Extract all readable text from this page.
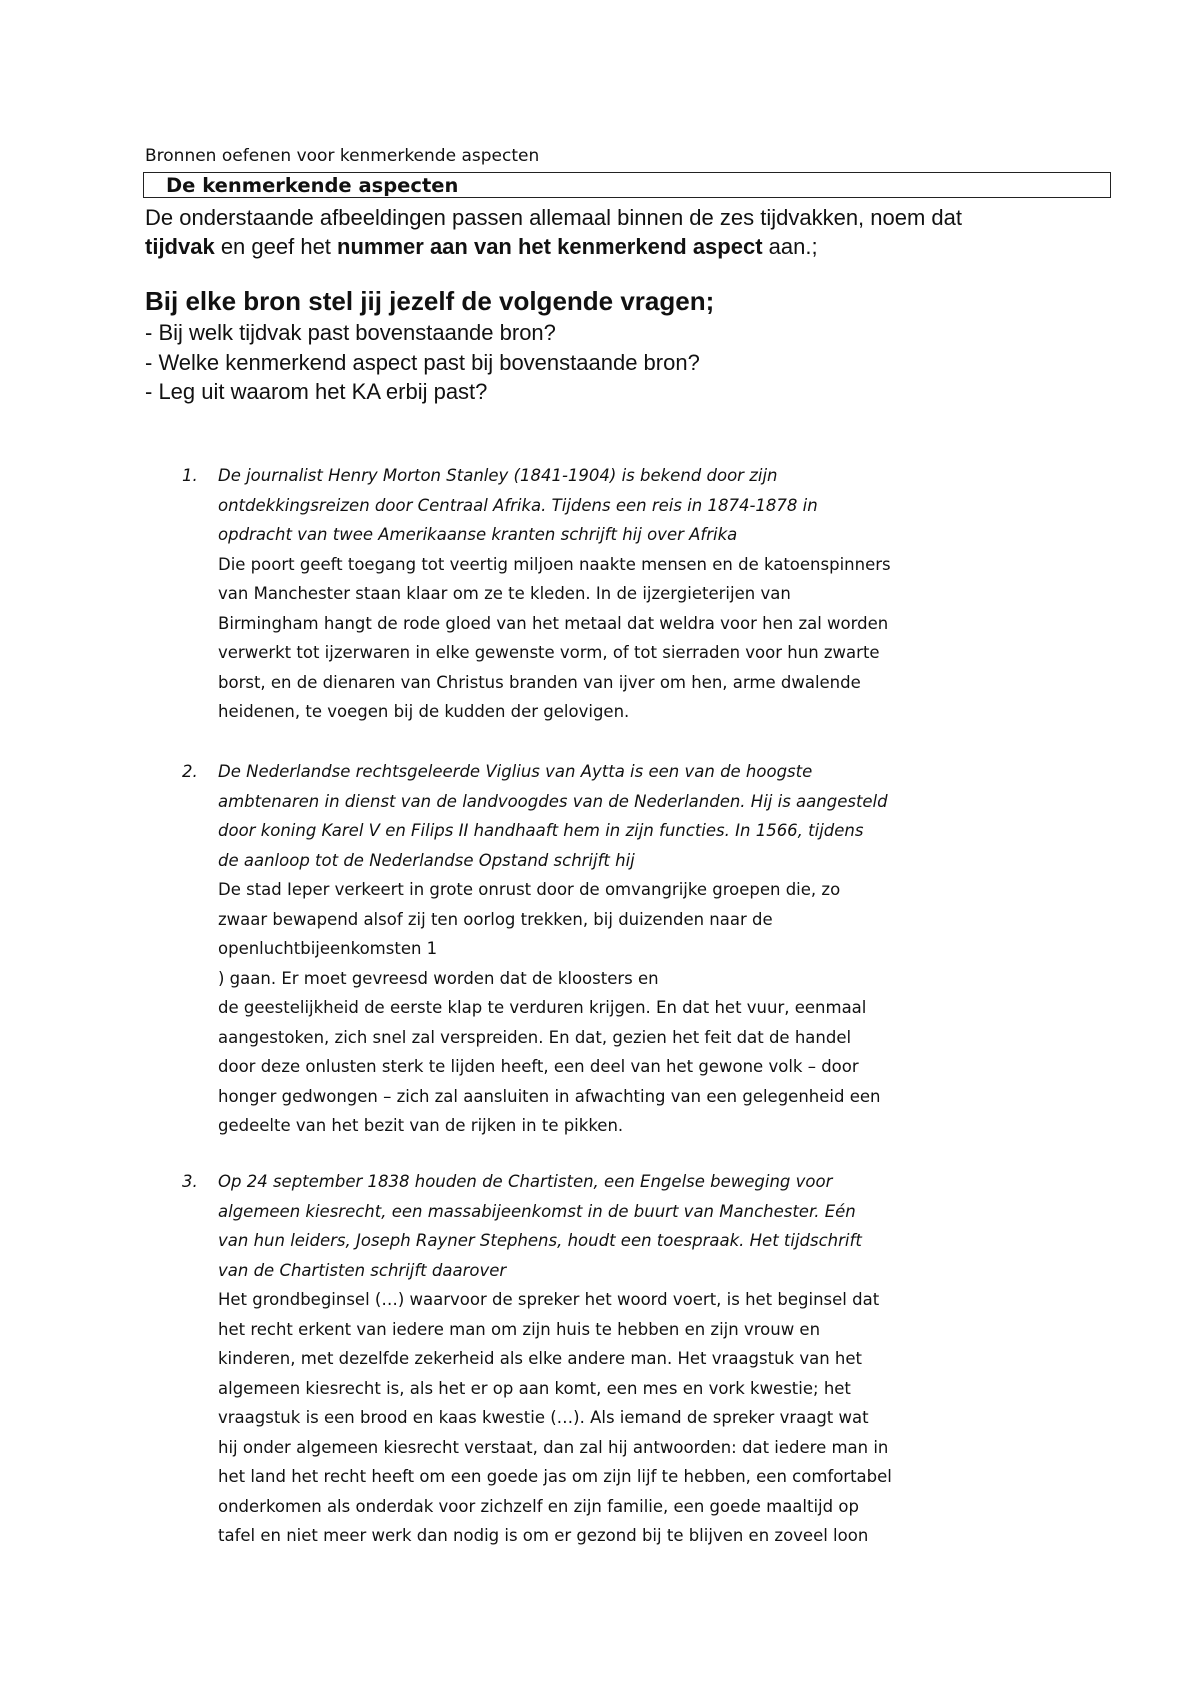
Bronnen oefenen voor kenmerkende aspecten
De kenmerkende aspecten
De onderstaande afbeeldingen passen allemaal binnen de zes tijdvakken, noem dat
tijdvak en geef het nummer aan van het kenmerkend aspect aan.;
Bij elke bron stel jij jezelf de volgende vragen;
- Bij welk tijdvak past bovenstaande bron?
- Welke kenmerkend aspect past bij bovenstaande bron?
- Leg uit waarom het KA erbij past?
1. De journalist Henry Morton Stanley (1841-1904) is bekend door zijn
ontdekkingsreizen door Centraal Afrika. Tijdens een reis in 1874-1878 in
opdracht van twee Amerikaanse kranten schrijft hij over Afrika
Die poort geeft toegang tot veertig miljoen naakte mensen en de katoenspinners
van Manchester staan klaar om ze te kleden. In de ijzergieterijen van
Birmingham hangt de rode gloed van het metaal dat weldra voor hen zal worden
verwerkt tot ijzerwaren in elke gewenste vorm, of tot sierraden voor hun zwarte
borst, en de dienaren van Christus branden van ijver om hen, arme dwalende
heidenen, te voegen bij de kudden der gelovigen.
2. De Nederlandse rechtsgeleerde Viglius van Aytta is een van de hoogste
ambtenaren in dienst van de landvoogdes van de Nederlanden. Hij is aangesteld
door koning Karel V en Filips II handhaaft hem in zijn functies. In 1566, tijdens
de aanloop tot de Nederlandse Opstand schrijft hij
De stad Ieper verkeert in grote onrust door de omvangrijke groepen die, zo
zwaar bewapend alsof zij ten oorlog trekken, bij duizenden naar de
openluchtbijeenkomsten 1
) gaan. Er moet gevreesd worden dat de kloosters en
de geestelijkheid de eerste klap te verduren krijgen. En dat het vuur, eenmaal
aangestoken, zich snel zal verspreiden. En dat, gezien het feit dat de handel
door deze onlusten sterk te lijden heeft, een deel van het gewone volk – door
honger gedwongen – zich zal aansluiten in afwachting van een gelegenheid een
gedeelte van het bezit van de rijken in te pikken.
3. Op 24 september 1838 houden de Chartisten, een Engelse beweging voor
algemeen kiesrecht, een massabijeenkomst in de buurt van Manchester. Eén
van hun leiders, Joseph Rayner Stephens, houdt een toespraak. Het tijdschrift
van de Chartisten schrijft daarover
Het grondbeginsel (…) waarvoor de spreker het woord voert, is het beginsel dat
het recht erkent van iedere man om zijn huis te hebben en zijn vrouw en
kinderen, met dezelfde zekerheid als elke andere man. Het vraagstuk van het
algemeen kiesrecht is, als het er op aan komt, een mes en vork kwestie; het
vraagstuk is een brood en kaas kwestie (…). Als iemand de spreker vraagt wat
hij onder algemeen kiesrecht verstaat, dan zal hij antwoorden: dat iedere man in
het land het recht heeft om een goede jas om zijn lijf te hebben, een comfortabel
onderkomen als onderdak voor zichzelf en zijn familie, een goede maaltijd op
tafel en niet meer werk dan nodig is om er gezond bij te blijven en zoveel loon
